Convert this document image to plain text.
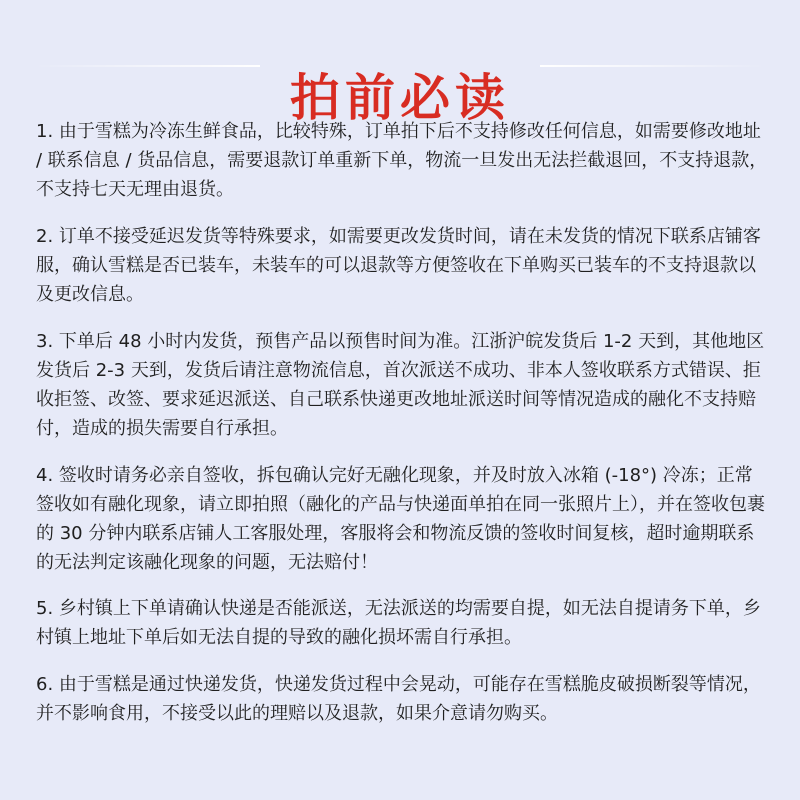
拍前必读

1. 由于雪糕为冷冻生鲜食品，比较特殊，订单拍下后不支持修改任何信息，如需要修改地址 / 联系信息 / 货品信息，需要退款订单重新下单，物流一旦发出无法拦截退回，不支持退款，不支持七天无理由退货。

2. 订单不接受延迟发货等特殊要求，如需要更改发货时间，请在未发货的情况下联系店铺客服，确认雪糕是否已装车，未装车的可以退款等方便签收在下单购买已装车的不支持退款以及更改信息。

3. 下单后 48 小时内发货，预售产品以预售时间为准。江浙沪皖发货后 1-2 天到，其他地区发货后 2-3 天到，发货后请注意物流信息，首次派送不成功、非本人签收联系方式错误、拒收拒签、改签、要求延迟派送、自己联系快递更改地址派送时间等情况造成的融化不支持赔付，造成的损失需要自行承担。

4. 签收时请务必亲自签收，拆包确认完好无融化现象，并及时放入冰箱 (-18°) 冷冻；正常签收如有融化现象，请立即拍照（融化的产品与快递面单拍在同一张照片上），并在签收包裹的 30 分钟内联系店铺人工客服处理，客服将会和物流反馈的签收时间复核，超时逾期联系的无法判定该融化现象的问题，无法赔付！

5. 乡村镇上下单请确认快递是否能派送，无法派送的均需要自提，如无法自提请务下单，乡村镇上地址下单后如无法自提的导致的融化损坏需自行承担。

6. 由于雪糕是通过快递发货，快递发货过程中会晃动，可能存在雪糕脆皮破损断裂等情况，并不影响食用，不接受以此的理赔以及退款，如果介意请勿购买。
